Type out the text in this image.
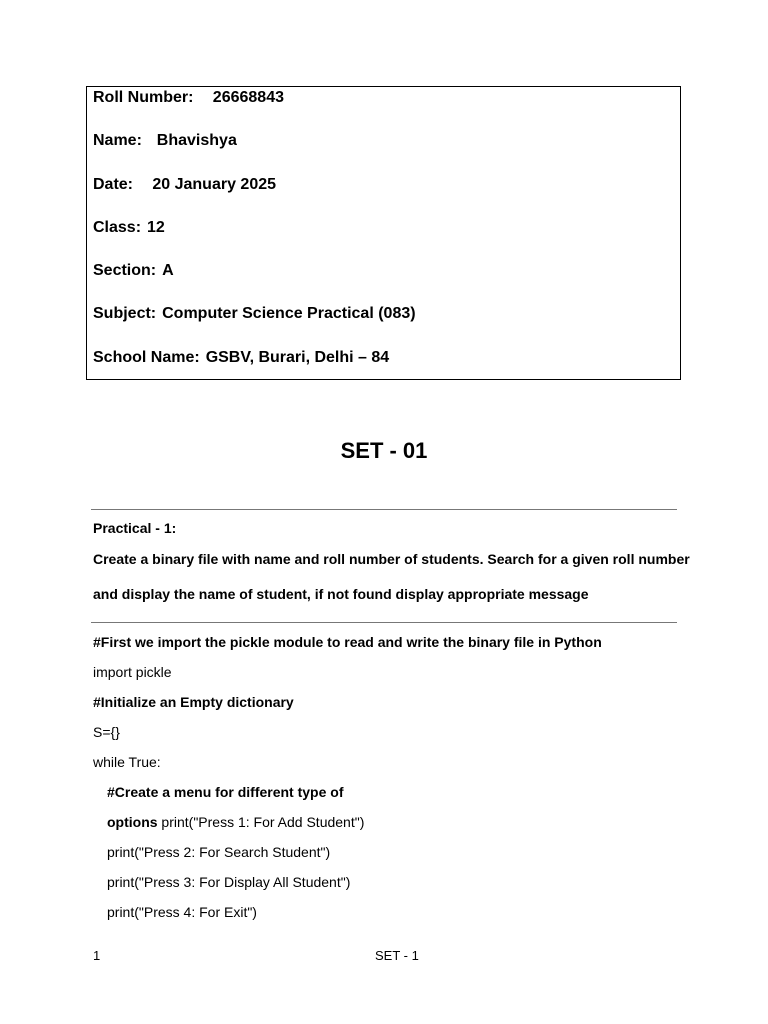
Roll Number: 26668843
Name: Bhavishya
Date: 20 January 2025
Class: 12
Section: A
Subject: Computer Science Practical (083)
School Name: GSBV, Burari, Delhi – 84
SET - 01
Practical - 1:
Create a binary file with name and roll number of students. Search for a given roll number
and display the name of student, if not found display appropriate message
#First we import the pickle module to read and write the binary file in Python
import pickle
#Initialize an Empty dictionary
S={}
while True:
#Create a menu for different type of
options print("Press 1: For Add Student")
print("Press 2: For Search Student")
print("Press 3: For Display All Student")
print("Press 4: For Exit")
1	SET - 1
